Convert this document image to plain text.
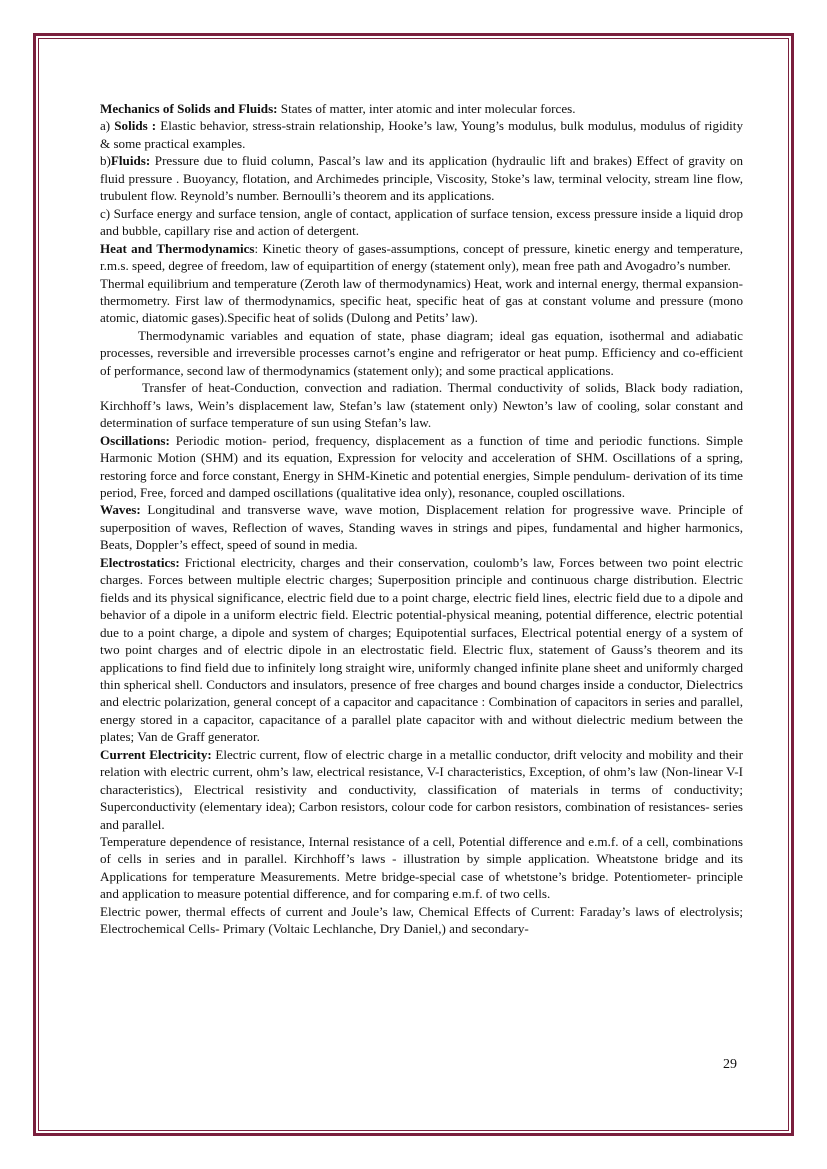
Mechanics of Solids and Fluids: States of matter, inter atomic and inter molecular forces.

a) Solids : Elastic behavior, stress-strain relationship, Hooke’s law, Young’s modulus, bulk modulus, modulus of rigidity & some practical examples.

b)Fluids: Pressure due to fluid column, Pascal’s law and its application (hydraulic lift and brakes) Effect of gravity on fluid pressure . Buoyancy, flotation, and Archimedes principle, Viscosity, Stoke’s law, terminal velocity, stream line flow, trubulent flow. Reynold’s number. Bernoulli’s theorem and its applications.

c) Surface energy and surface tension, angle of contact, application of surface tension, excess pressure inside a liquid drop and bubble, capillary rise and action of detergent.

Heat and Thermodynamics: Kinetic theory of gases-assumptions, concept of pressure, kinetic energy and temperature, r.m.s. speed, degree of freedom, law of equipartition of energy (statement only), mean free path and Avogadro’s number.

Thermal equilibrium and temperature (Zeroth law of thermodynamics) Heat, work and internal energy, thermal expansion-thermometry. First law of thermodynamics, specific heat, specific heat of gas at constant volume and pressure (mono atomic, diatomic gases).Specific heat of solids (Dulong and Petits’ law).

Thermodynamic variables and equation of state, phase diagram; ideal gas equation, isothermal and adiabatic processes, reversible and irreversible processes carnot’s engine and refrigerator or heat pump. Efficiency and co-efficient of performance, second law of thermodynamics (statement only); and some practical applications.

Transfer of heat-Conduction, convection and radiation. Thermal conductivity of solids, Black body radiation, Kirchhoff’s laws, Wein’s displacement law, Stefan’s law (statement only) Newton’s law of cooling, solar constant and determination of surface temperature of sun using Stefan’s law.

Oscillations: Periodic motion- period, frequency, displacement as a function of time and periodic functions. Simple Harmonic Motion (SHM) and its equation, Expression for velocity and acceleration of SHM. Oscillations of a spring, restoring force and force constant, Energy in SHM-Kinetic and potential energies, Simple pendulum- derivation of its time period, Free, forced and damped oscillations (qualitative idea only), resonance, coupled oscillations.

Waves: Longitudinal and transverse wave, wave motion, Displacement relation for progressive wave. Principle of superposition of waves, Reflection of waves, Standing waves in strings and pipes, fundamental and higher harmonics, Beats, Doppler’s effect, speed of sound in media.

Electrostatics: Frictional electricity, charges and their conservation, coulomb’s law, Forces between two point electric charges. Forces between multiple electric charges; Superposition principle and continuous charge distribution. Electric fields and its physical significance, electric field due to a point charge, electric field lines, electric field due to a dipole and behavior of a dipole in a uniform electric field. Electric potential-physical meaning, potential difference, electric potential due to a point charge, a dipole and system of charges; Equipotential surfaces, Electrical potential energy of a system of two point charges and of electric dipole in an electrostatic field. Electric flux, statement of Gauss’s theorem and its applications to find field due to infinitely long straight wire, uniformly changed infinite plane sheet and uniformly charged thin spherical shell. Conductors and insulators, presence of free charges and bound charges inside a conductor, Dielectrics and electric polarization, general concept of a capacitor and capacitance : Combination of capacitors in series and parallel, energy stored in a capacitor, capacitance of a parallel plate capacitor with and without dielectric medium between the plates; Van de Graff generator.

Current Electricity: Electric current, flow of electric charge in a metallic conductor, drift velocity and mobility and their relation with electric current, ohm’s law, electrical resistance, V-I characteristics, Exception, of ohm’s law (Non-linear V-I characteristics), Electrical resistivity and conductivity, classification of materials in terms of conductivity; Superconductivity (elementary idea); Carbon resistors, colour code for carbon resistors, combination of resistances- series and parallel.

Temperature dependence of resistance, Internal resistance of a cell, Potential difference and e.m.f. of a cell, combinations of cells in series and in parallel. Kirchhoff’s laws - illustration by simple application. Wheatstone bridge and its Applications for temperature Measurements. Metre bridge-special case of whetstone’s bridge. Potentiometer- principle and application to measure potential difference, and for comparing e.m.f. of two cells.

Electric power, thermal effects of current and Joule’s law, Chemical Effects of Current: Faraday’s laws of electrolysis; Electrochemical Cells- Primary (Voltaic Lechlanche, Dry Daniel,) and secondary-

29
